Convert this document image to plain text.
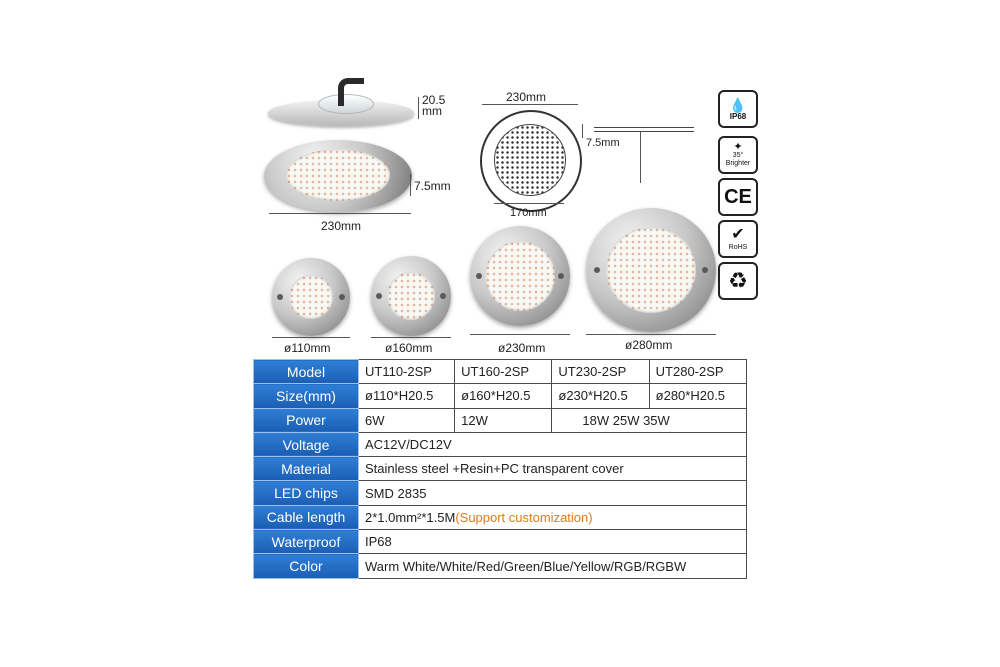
20.5
mm
7.5mm
230mm
230mm
170mm
7.5mm
💧
IP68
✦
35°
Brighter
CE
✔
RoHS
♻
ø110mm	ø160mm	ø230mm	ø280mm
Model	UT110-2SP	UT160-2SP	UT230-2SP	UT280-2SP
Size(mm)	ø110*H20.5	ø160*H20.5	ø230*H20.5	ø280*H20.5
Power	6W	12W	18W 25W 35W	
Voltage	AC12V/DC12V			
Material	Stainless steel +Resin+PC transparent cover			
LED chips	SMD 2835			
Cable length	2*1.0mm²*1.5M(Support customization)			
Waterproof	IP68			
Color	Warm White/White/Red/Green/Blue/Yellow/RGB/RGBW			
